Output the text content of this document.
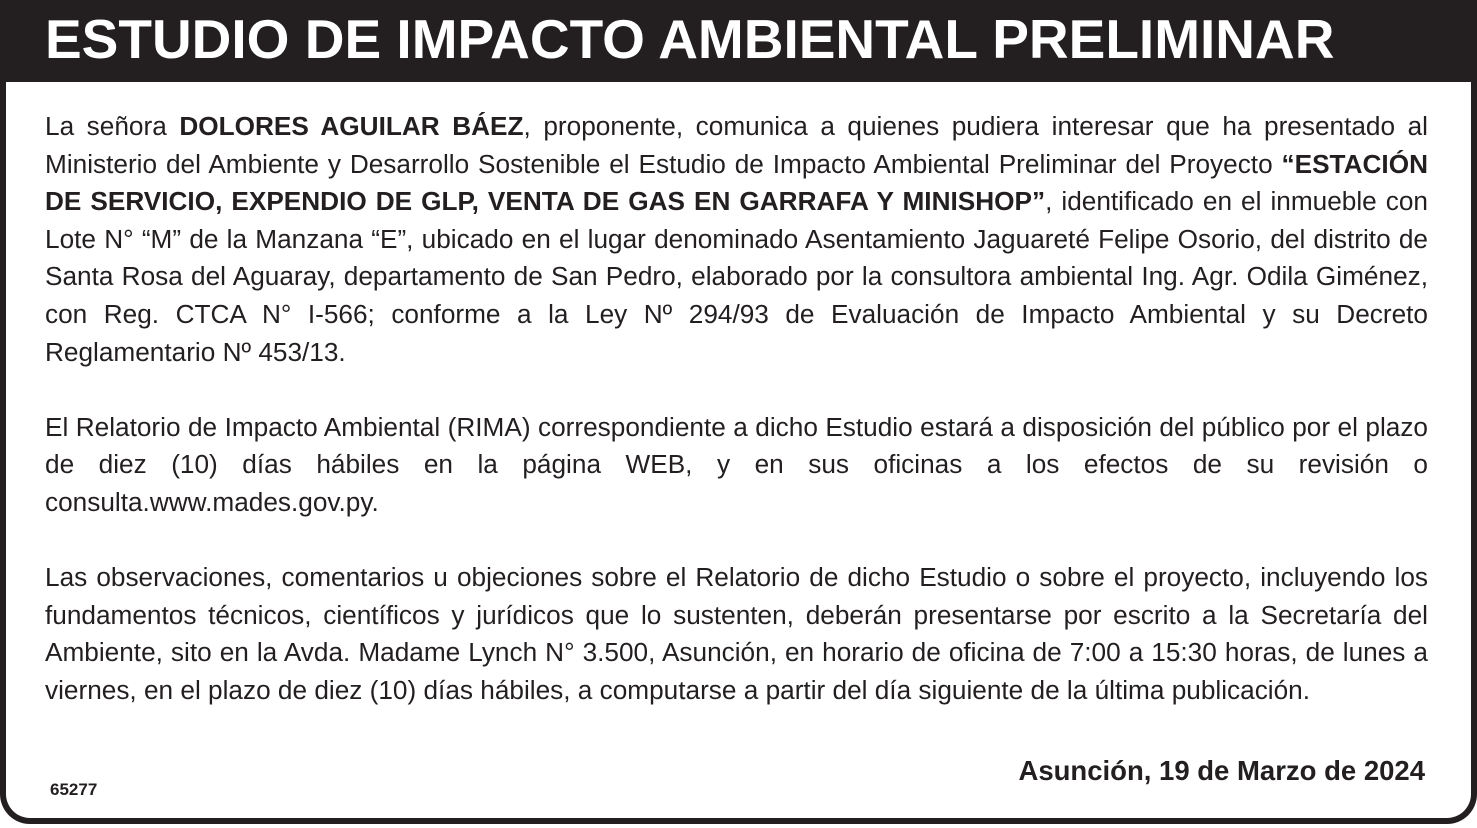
ESTUDIO DE IMPACTO AMBIENTAL PRELIMINAR

La señora DOLORES AGUILAR BÁEZ, proponente, comunica a quienes pudiera interesar que ha presentado al Ministerio del Ambiente y Desarrollo Sostenible el Estudio de Impacto Ambiental Preliminar del Proyecto “ESTACIÓN DE SERVICIO, EXPENDIO DE GLP, VENTA DE GAS EN GARRAFA Y MINISHOP”, identificado en el inmueble con Lote N° “M” de la Manzana “E”, ubicado en el lugar denominado Asentamiento Jaguareté Felipe Osorio, del distrito de Santa Rosa del Aguaray, departamento de San Pedro, elaborado por la consultora ambiental Ing. Agr. Odila Giménez, con Reg. CTCA N° I-566; conforme a la Ley Nº 294/93 de Evaluación de Impacto Ambiental y su Decreto Reglamentario Nº 453/13.

El Relatorio de Impacto Ambiental (RIMA) correspondiente a dicho Estudio estará a disposición del público por el plazo de diez (10) días hábiles en la página WEB, y en sus oficinas a los efectos de su revisión o consulta.www.mades.gov.py.

Las observaciones, comentarios u objeciones sobre el Relatorio de dicho Estudio o sobre el proyecto, incluyendo los fundamentos técnicos, científicos y jurídicos que lo sustenten, deberán presentarse por escrito a la Secretaría del Ambiente, sito en la Avda. Madame Lynch N° 3.500, Asunción, en horario de oficina de 7:00 a 15:30 horas, de lunes a viernes, en el plazo de diez (10) días hábiles, a computarse a partir del día siguiente de la última publicación.

Asunción, 19 de Marzo de 2024
65277
